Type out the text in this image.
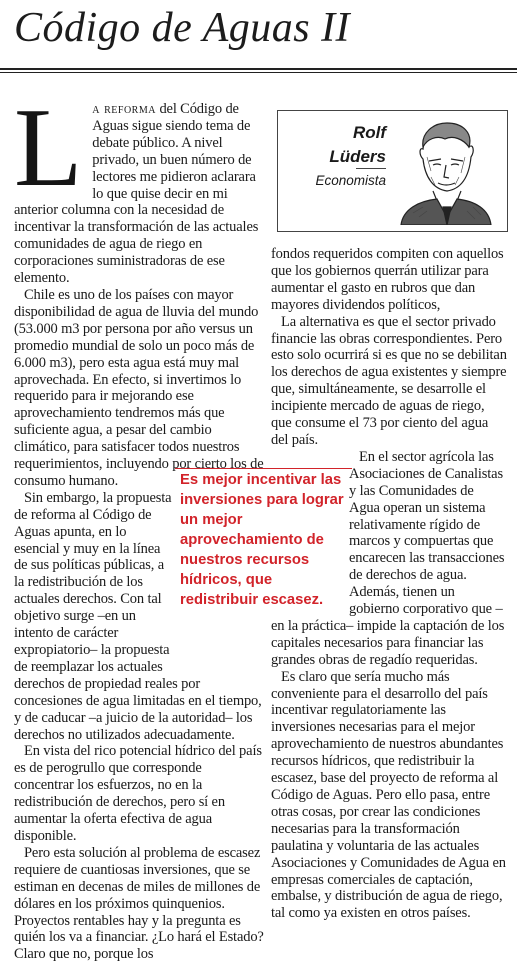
Código de Aguas II
Rolf
Lüders
Economista
Es mejor incentivar las inversiones para lograr un mejor aprovechamiento de nuestros recursos hídricos, que redistribuir escasez.
L a reforma del Código de Aguas sigue siendo tema de debate público. A nivel privado, un buen número de lectores me pidieron aclarara lo que quise decir en mi anterior columna con la necesidad de incentivar la transformación de las actuales comunidades de agua de riego en corporaciones suministradoras de ese elemento.

Chile es uno de los países con mayor disponibilidad de agua de lluvia del mundo (53.000 m3 por persona por año versus un promedio mundial de solo un poco más de 6.000 m3), pero esta agua está muy mal aprovechada. En efecto, si invertimos lo requerido para ir mejorando ese aprovechamiento tendremos más que suficiente agua, a pesar del cambio climático, para satisfacer todos nuestros requerimientos, incluyendo por cierto los de consumo humano.

Sin embargo, la propuesta de reforma al Código de Aguas apunta, en lo esencial y muy en la línea de sus políticas públicas, a la redistribución de los actuales derechos. Con tal objetivo surge –en un intento de carácter expropiatorio– la propuesta de reemplazar los actuales derechos de propiedad reales por concesiones de agua limitadas en el tiempo, y de caducar –a juicio de la autoridad– los derechos no utilizados adecuadamente.

En vista del rico potencial hídrico del país es de perogrullo que corresponde concentrar los esfuerzos, no en la redistribución de derechos, pero sí en aumentar la oferta efectiva de agua disponible.

Pero esta solución al problema de escasez requiere de cuantiosas inversiones, que se estiman en decenas de miles de millones de dólares en los próximos quinquenios. Proyectos rentables hay y la pregunta es quién los va a financiar. ¿Lo hará el Estado? Claro que no, porque los

fondos requeridos compiten con aquellos que los gobiernos querrán utilizar para aumentar el gasto en rubros que dan mayores dividendos políticos,

La alternativa es que el sector privado financie las obras correspondientes. Pero esto solo ocurrirá si es que no se debilitan los derechos de agua existentes y siempre que, simultáneamente, se desarrolle el incipiente mercado de aguas de riego, que consume el 73 por ciento del agua del país.

En el sector agrícola las Asociaciones de Canalistas y las Comunidades de Agua operan un sistema relativamente rígido de marcos y compuertas que encarecen las transacciones de derechos de agua. Además, tienen un gobierno corporativo que –en la práctica– impide la captación de los capitales necesarios para financiar las grandes obras de regadío requeridas.

Es claro que sería mucho más conveniente para el desarrollo del país incentivar regulatoriamente las inversiones necesarias para el mejor aprovechamiento de nuestros abundantes recursos hídricos, que redistribuir la escasez, base del proyecto de reforma al Código de Aguas. Pero ello pasa, entre otras cosas, por crear las condiciones necesarias para la transformación paulatina y voluntaria de las actuales Asociaciones y Comunidades de Agua en empresas comerciales de captación, embalse, y distribución de agua de riego, tal como ya existen en otros países.
